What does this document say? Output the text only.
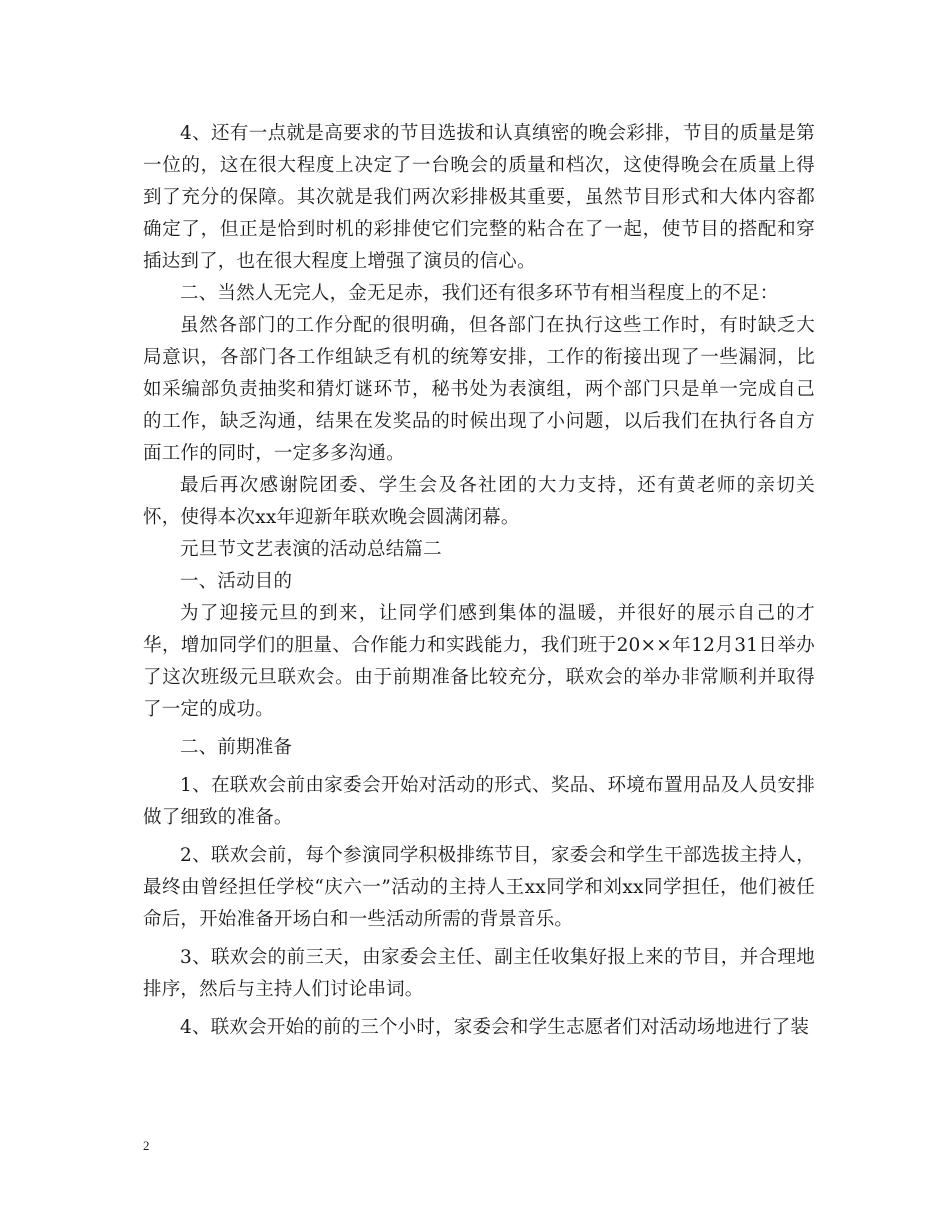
4、还有一点就是高要求的节目选拔和认真缜密的晚会彩排，节目的质量是第一位的，这在很大程度上决定了一台晚会的质量和档次，这使得晚会在质量上得到了充分的保障。其次就是我们两次彩排极其重要，虽然节目形式和大体内容都确定了，但正是恰到时机的彩排使它们完整的粘合在了一起，使节目的搭配和穿插达到了，也在很大程度上增强了演员的信心。

二、当然人无完人，金无足赤，我们还有很多环节有相当程度上的不足：

虽然各部门的工作分配的很明确，但各部门在执行这些工作时，有时缺乏大局意识，各部门各工作组缺乏有机的统筹安排，工作的衔接出现了一些漏洞，比如采编部负责抽奖和猜灯谜环节，秘书处为表演组，两个部门只是单一完成自己的工作，缺乏沟通，结果在发奖品的时候出现了小问题，以后我们在执行各自方面工作的同时，一定多多沟通。

最后再次感谢院团委、学生会及各社团的大力支持，还有黄老师的亲切关怀，使得本次xx年迎新年联欢晚会圆满闭幕。

元旦节文艺表演的活动总结篇二

一、活动目的

为了迎接元旦的到来，让同学们感到集体的温暖，并很好的展示自己的才华，增加同学们的胆量、合作能力和实践能力，我们班于20××年12月31日举办了这次班级元旦联欢会。由于前期准备比较充分，联欢会的举办非常顺利并取得了一定的成功。

二、前期准备

1、在联欢会前由家委会开始对活动的形式、奖品、环境布置用品及人员安排做了细致的准备。

2、联欢会前，每个参演同学积极排练节目，家委会和学生干部选拔主持人，最终由曾经担任学校“庆六一”活动的主持人王xx同学和刘xx同学担任，他们被任命后，开始准备开场白和一些活动所需的背景音乐。

3、联欢会的前三天，由家委会主任、副主任收集好报上来的节目，并合理地排序，然后与主持人们讨论串词。

4、联欢会开始的前的三个小时，家委会和学生志愿者们对活动场地进行了装

2
